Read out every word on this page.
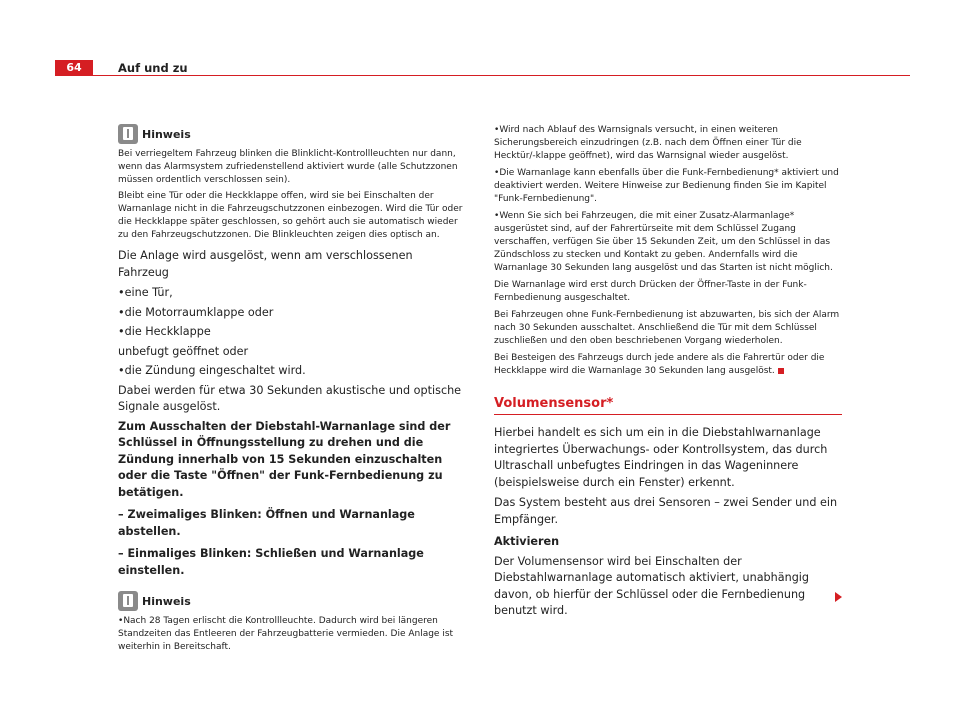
64	Auf und zu
Hinweis

Bei verriegeltem Fahrzeug blinken die Blinklicht-Kontrollleuchten nur dann, wenn das Alarmsystem zufriedenstellend aktiviert wurde (alle Schutzzonen müssen ordentlich verschlossen sein).

Bleibt eine Tür oder die Heckklappe offen, wird sie bei Einschalten der Warnanlage nicht in die Fahrzeugschutzzonen einbezogen. Wird die Tür oder die Heckklappe später geschlossen, so gehört auch sie automatisch wieder zu den Fahrzeugschutzzonen. Die Blinkleuchten zeigen dies optisch an.

Die Anlage wird ausgelöst, wenn am verschlossenen Fahrzeug

• eine Tür,

• die Motorraumklappe oder

• die Heckklappe

unbefugt geöffnet oder

• die Zündung eingeschaltet wird.

Dabei werden für etwa 30 Sekunden akustische und optische Signale ausgelöst.

Zum Ausschalten der Diebstahl-Warnanlage sind der Schlüssel in Öffnungsstellung zu drehen und die Zündung innerhalb von 15 Sekunden einzuschalten oder die Taste "Öffnen" der Funk-Fernbedienung zu betätigen.

– Zweimaliges Blinken: Öffnen und Warnanlage abstellen.

– Einmaliges Blinken: Schließen und Warnanlage einstellen.

Hinweis

• Nach 28 Tagen erlischt die Kontrollleuchte. Dadurch wird bei längeren Standzeiten das Entleeren der Fahrzeugbatterie vermieden. Die Anlage ist weiterhin in Bereitschaft.

• Wird nach Ablauf des Warnsignals versucht, in einen weiteren Sicherungsbereich einzudringen (z.B. nach dem Öffnen einer Tür die Hecktür/-klappe geöffnet), wird das Warnsignal wieder ausgelöst.

• Die Warnanlage kann ebenfalls über die Funk-Fernbedienung* aktiviert und deaktiviert werden. Weitere Hinweise zur Bedienung finden Sie im Kapitel "Funk-Fernbedienung".

• Wenn Sie sich bei Fahrzeugen, die mit einer Zusatz-Alarmanlage* ausgerüstet sind, auf der Fahrertürseite mit dem Schlüssel Zugang verschaffen, verfügen Sie über 15 Sekunden Zeit, um den Schlüssel in das Zündschloss zu stecken und Kontakt zu geben. Andernfalls wird die Warnanlage 30 Sekunden lang ausgelöst und das Starten ist nicht möglich.

Die Warnanlage wird erst durch Drücken der Öffner-Taste in der Funk-Fernbedienung ausgeschaltet.

Bei Fahrzeugen ohne Funk-Fernbedienung ist abzuwarten, bis sich der Alarm nach 30 Sekunden ausschaltet. Anschließend die Tür mit dem Schlüssel zuschließen und den oben beschriebenen Vorgang wiederholen.

Bei Besteigen des Fahrzeugs durch jede andere als die Fahrertür oder die Heckklappe wird die Warnanlage 30 Sekunden lang ausgelöst.

Volumensensor*

Hierbei handelt es sich um ein in die Diebstahlwarnanlage integriertes Überwachungs- oder Kontrollsystem, das durch Ultraschall unbefugtes Eindringen in das Wageninnere (beispielsweise durch ein Fenster) erkennt.

Das System besteht aus drei Sensoren – zwei Sender und ein Empfänger.

Aktivieren

Der Volumensensor wird bei Einschalten der Diebstahlwarnanlage automatisch aktiviert, unabhängig davon, ob hierfür der Schlüssel oder die Fernbedienung benutzt wird.
